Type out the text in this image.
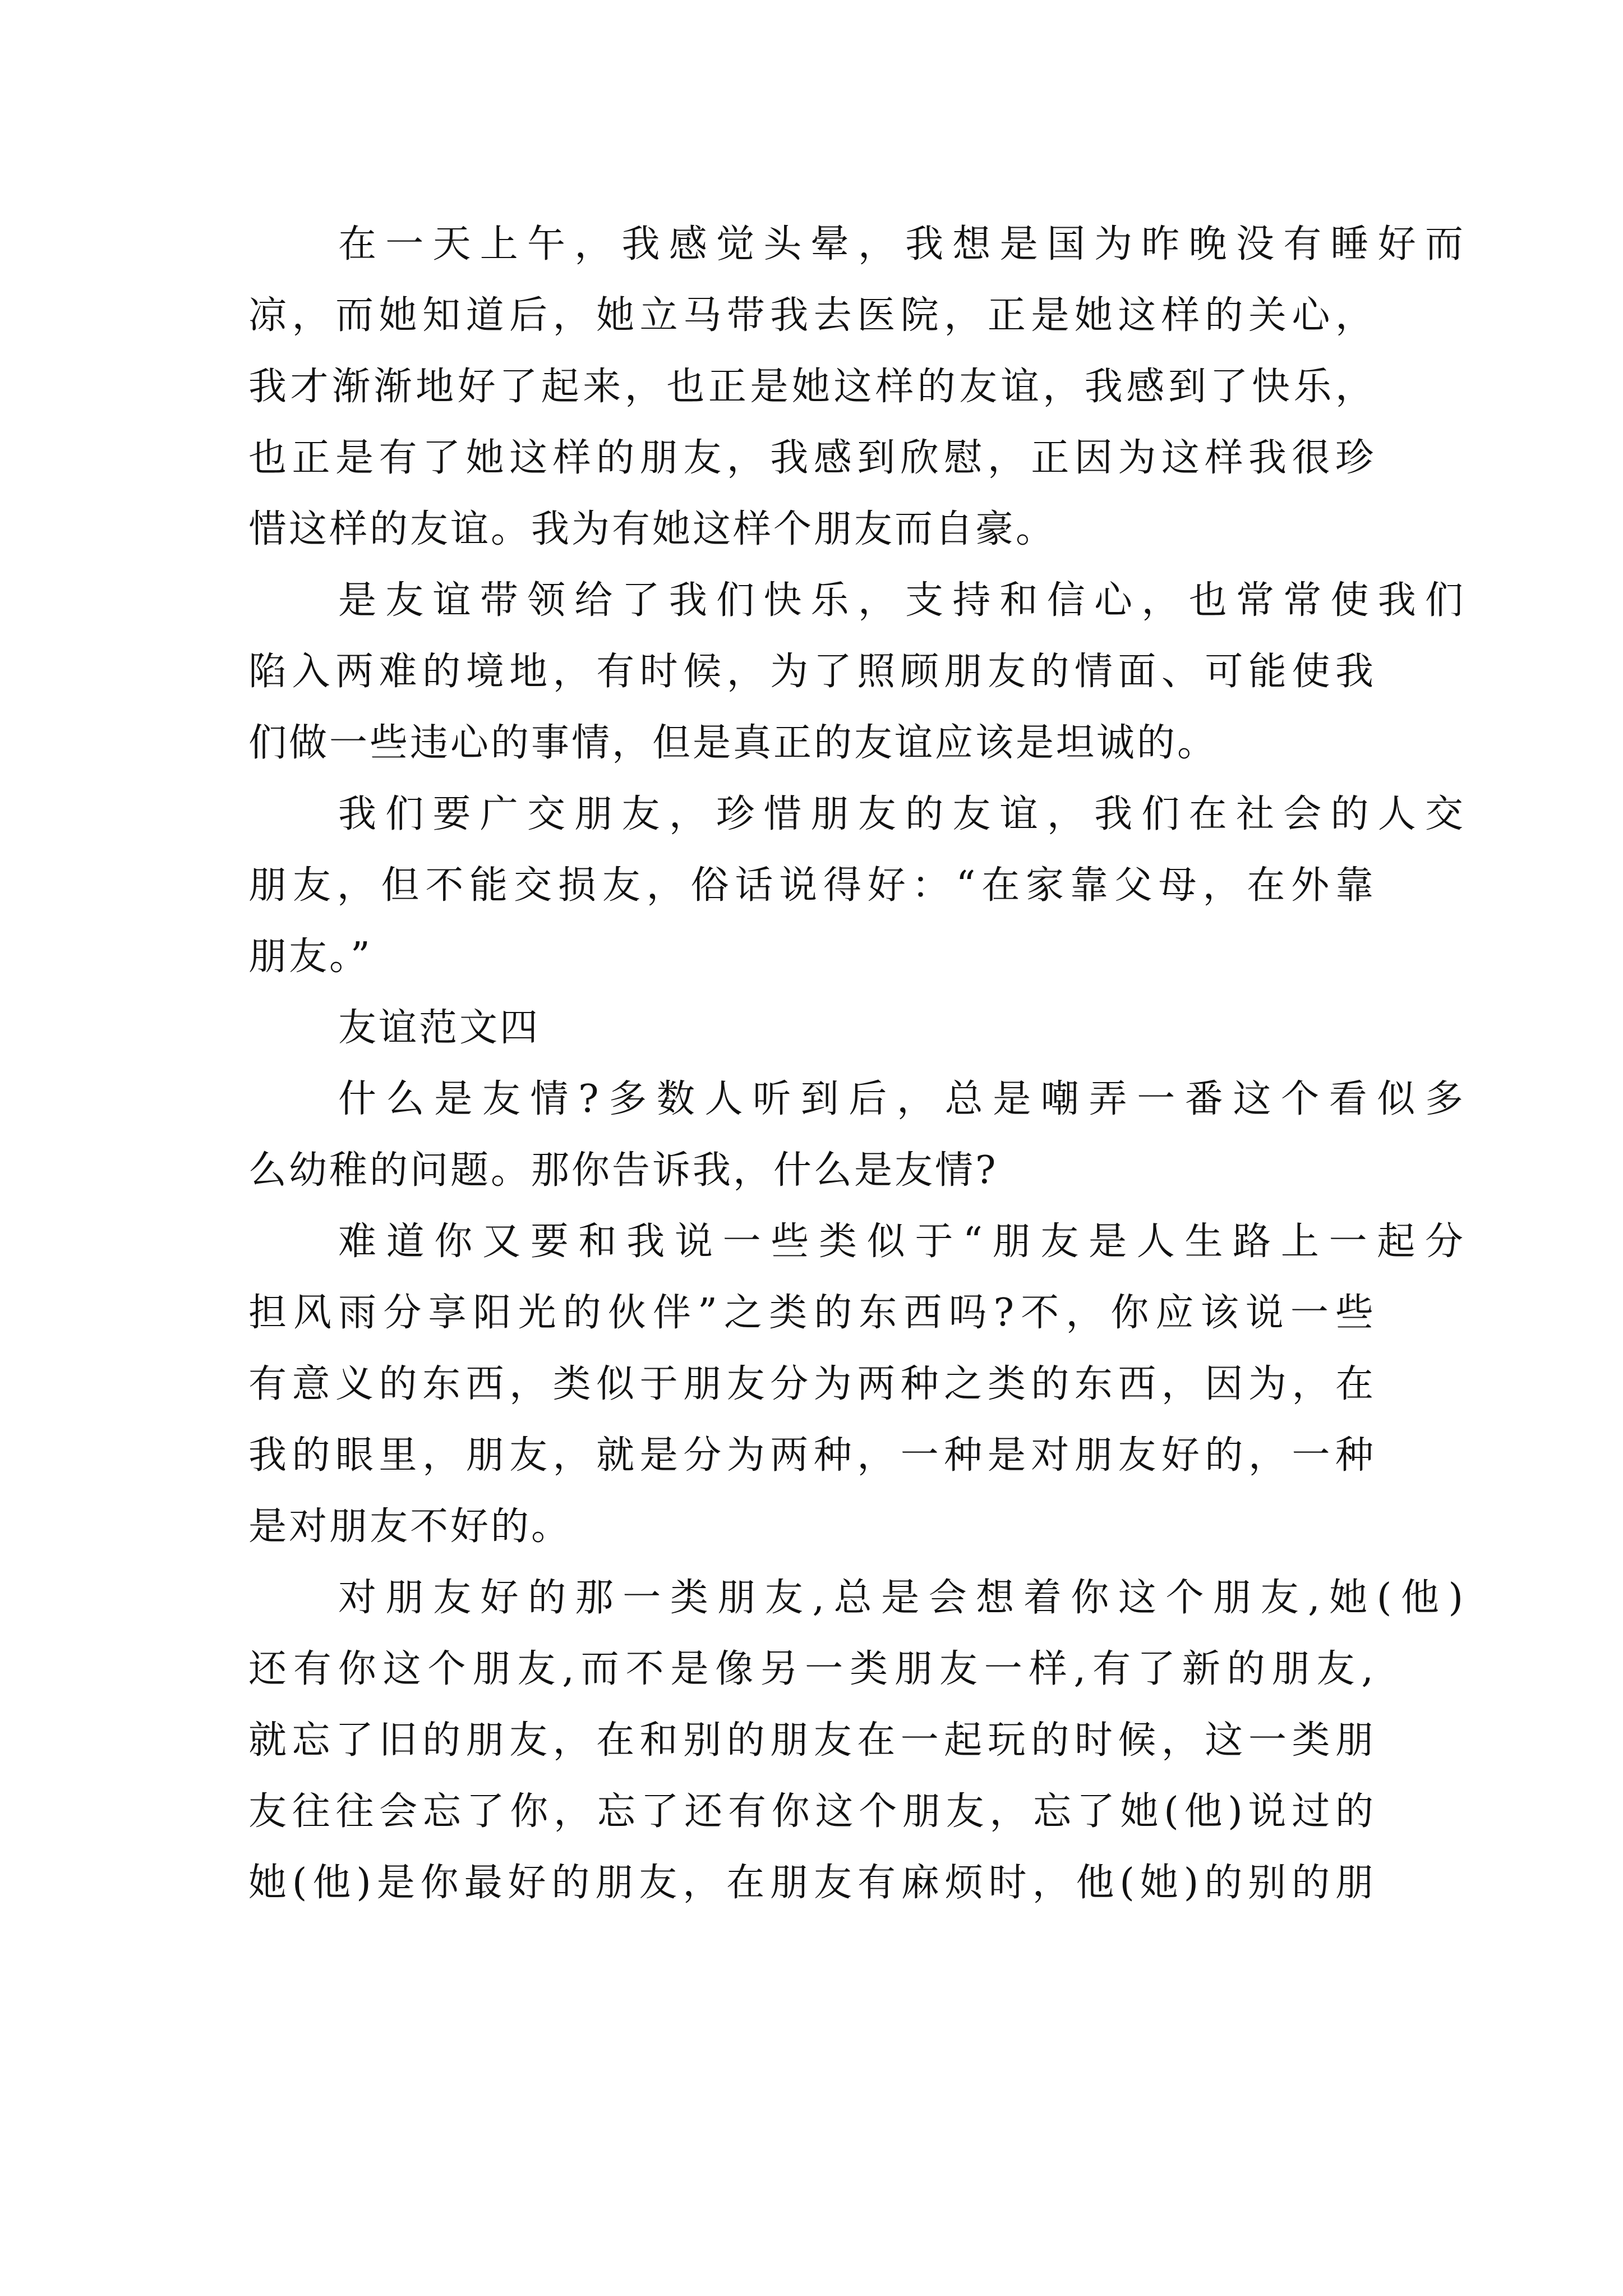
在一天上午，我感觉头晕，我想是国为昨晚没有睡好而
凉，而她知道后，她立马带我去医院，正是她这样的关心，
我才渐渐地好了起来，也正是她这样的友谊，我感到了快乐，
也正是有了她这样的朋友，我感到欣慰，正因为这样我很珍
惜这样的友谊。我为有她这样个朋友而自豪。
是友谊带领给了我们快乐，支持和信心，也常常使我们
陷入两难的境地，有时候，为了照顾朋友的情面、可能使我
们做一些违心的事情，但是真正的友谊应该是坦诚的。
我们要广交朋友，珍惜朋友的友谊，我们在社会的人交
朋友，但不能交损友，俗话说得好：“在家靠父母，在外靠
朋友。”
友谊范文四
什么是友情?多数人听到后，总是嘲弄一番这个看似多
么幼稚的问题。那你告诉我，什么是友情?
难道你又要和我说一些类似于“朋友是人生路上一起分
担风雨分享阳光的伙伴”之类的东西吗?不，你应该说一些
有意义的东西，类似于朋友分为两种之类的东西，因为，在
我的眼里，朋友，就是分为两种，一种是对朋友好的，一种
是对朋友不好的。
对朋友好的那一类朋友,总是会想着你这个朋友,她(他)
还有你这个朋友,而不是像另一类朋友一样,有了新的朋友,
就忘了旧的朋友，在和别的朋友在一起玩的时候，这一类朋
友往往会忘了你，忘了还有你这个朋友，忘了她(他)说过的
她(他)是你最好的朋友，在朋友有麻烦时，他(她)的别的朋
